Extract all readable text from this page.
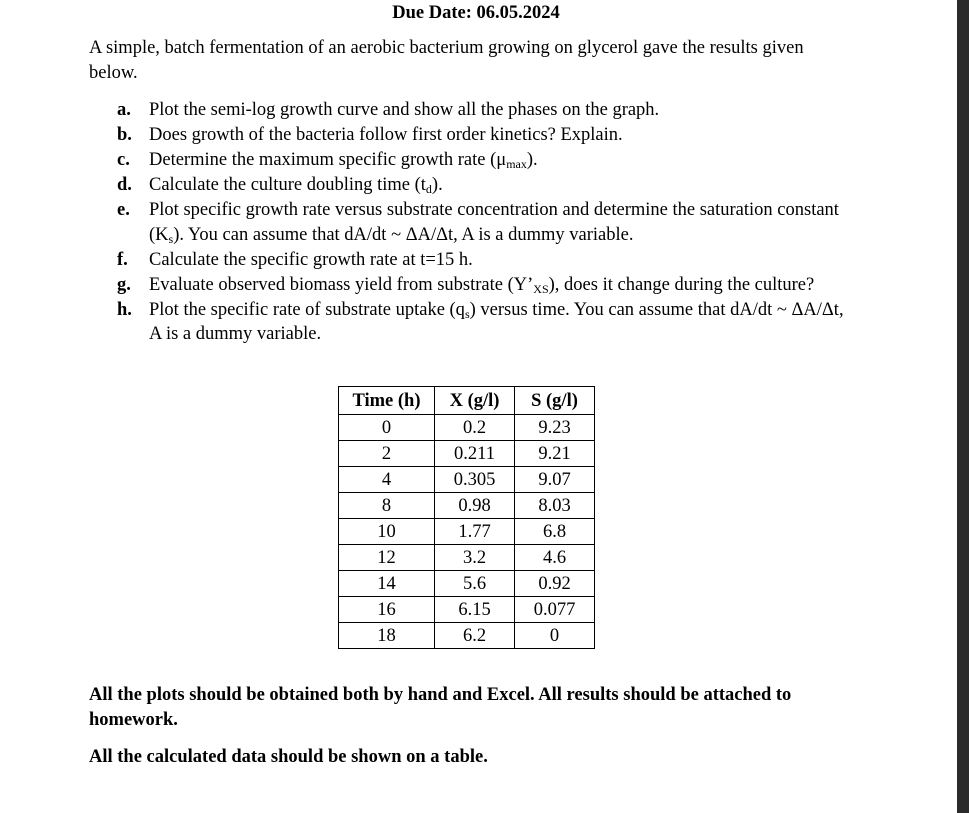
Due Date: 06.05.2024

A simple, batch fermentation of an aerobic bacterium growing on glycerol gave the results given below.

a. Plot the semi-log growth curve and show all the phases on the graph.
b. Does growth of the bacteria follow first order kinetics? Explain.
c. Determine the maximum specific growth rate $(\mu_{max})$.
d. Calculate the culture doubling time $(t_d)$.
e. Plot specific growth rate versus substrate concentration and determine the saturation constant $(K_s)$. You can assume that dA/dt ~ ΔA/Δt, A is a dummy variable.
f. Calculate the specific growth rate at t=15 h.
g. Evaluate observed biomass yield from substrate $(Y’_{XS})$, does it change during the culture?
h. Plot the specific rate of substrate uptake $(q_s)$ versus time. You can assume that dA/dt ~ ΔA/Δt, A is a dummy variable.
Time (h)	X (g/l)	S (g/l)
0	0.2	9.23
2	0.211	9.21
4	0.305	9.07
8	0.98	8.03
10	1.77	6.8
12	3.2	4.6
14	5.6	0.92
16	6.15	0.077
18	6.2	0

All the plots should be obtained both by hand and Excel. All results should be attached to homework.

All the calculated data should be shown on a table.
